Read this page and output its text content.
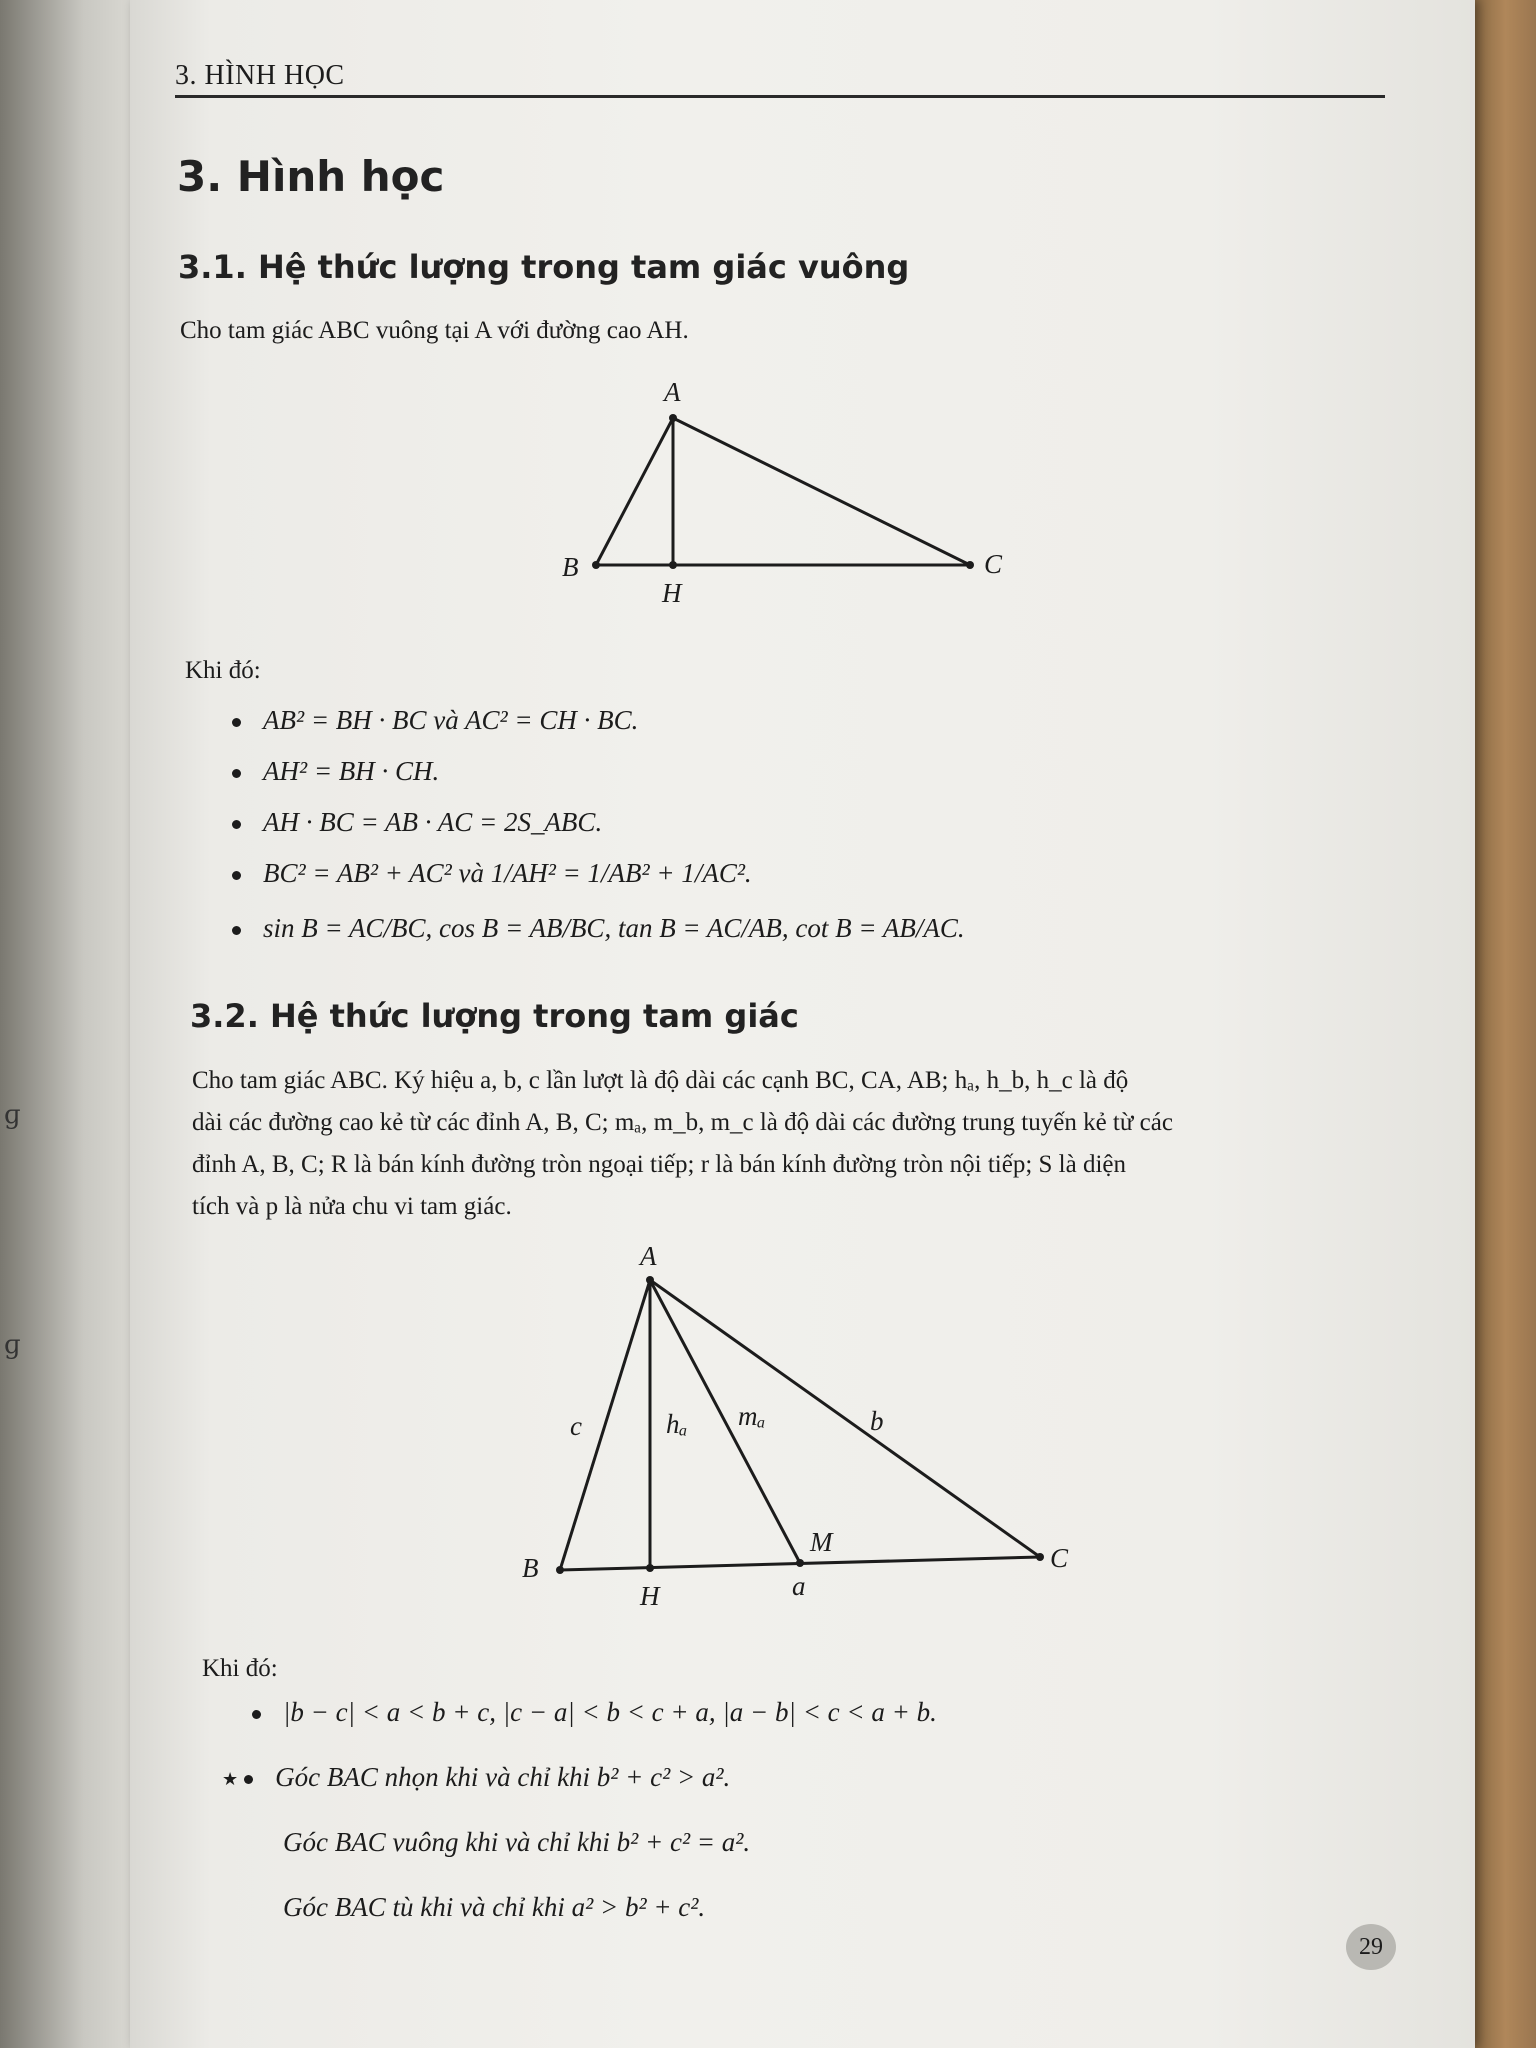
ɡ
ɡ
3. HÌNH HỌC
3. Hình học
3.1. Hệ thức lượng trong tam giác vuông
Cho tam giác ABC vuông tại A với đường cao AH.
A
B	C
H
Khi đó:
AB² = BH · BC và AC² = CH · BC.
AH² = BH · CH.
AH · BC = AB · AC = 2S_ABC.
BC² = AB² + AC² và 1/AH² = 1/AB² + 1/AC².
sin B = AC/BC, cos B = AB/BC, tan B = AC/AB, cot B = AB/AC.
3.2. Hệ thức lượng trong tam giác
Cho tam giác ABC. Ký hiệu a, b, c lần lượt là độ dài các cạnh BC, CA, AB; hₐ, h_b, h_c là độ
dài các đường cao kẻ từ các đỉnh A, B, C; mₐ, m_b, m_c là độ dài các đường trung tuyến kẻ từ các
đỉnh A, B, C; R là bán kính đường tròn ngoại tiếp; r là bán kính đường tròn nội tiếp; S là diện
tích và p là nửa chu vi tam giác.
A
B	C
H
M
a
b
c	hₐ mₐ
Khi đó:
|b − c| < a < b + c, |c − a| < b < c + a, |a − b| < c < a + b.
★ Góc BAC nhọn khi và chỉ khi b² + c² > a².
Góc BAC vuông khi và chỉ khi b² + c² = a².
Góc BAC tù khi và chỉ khi a² > b² + c².
29
